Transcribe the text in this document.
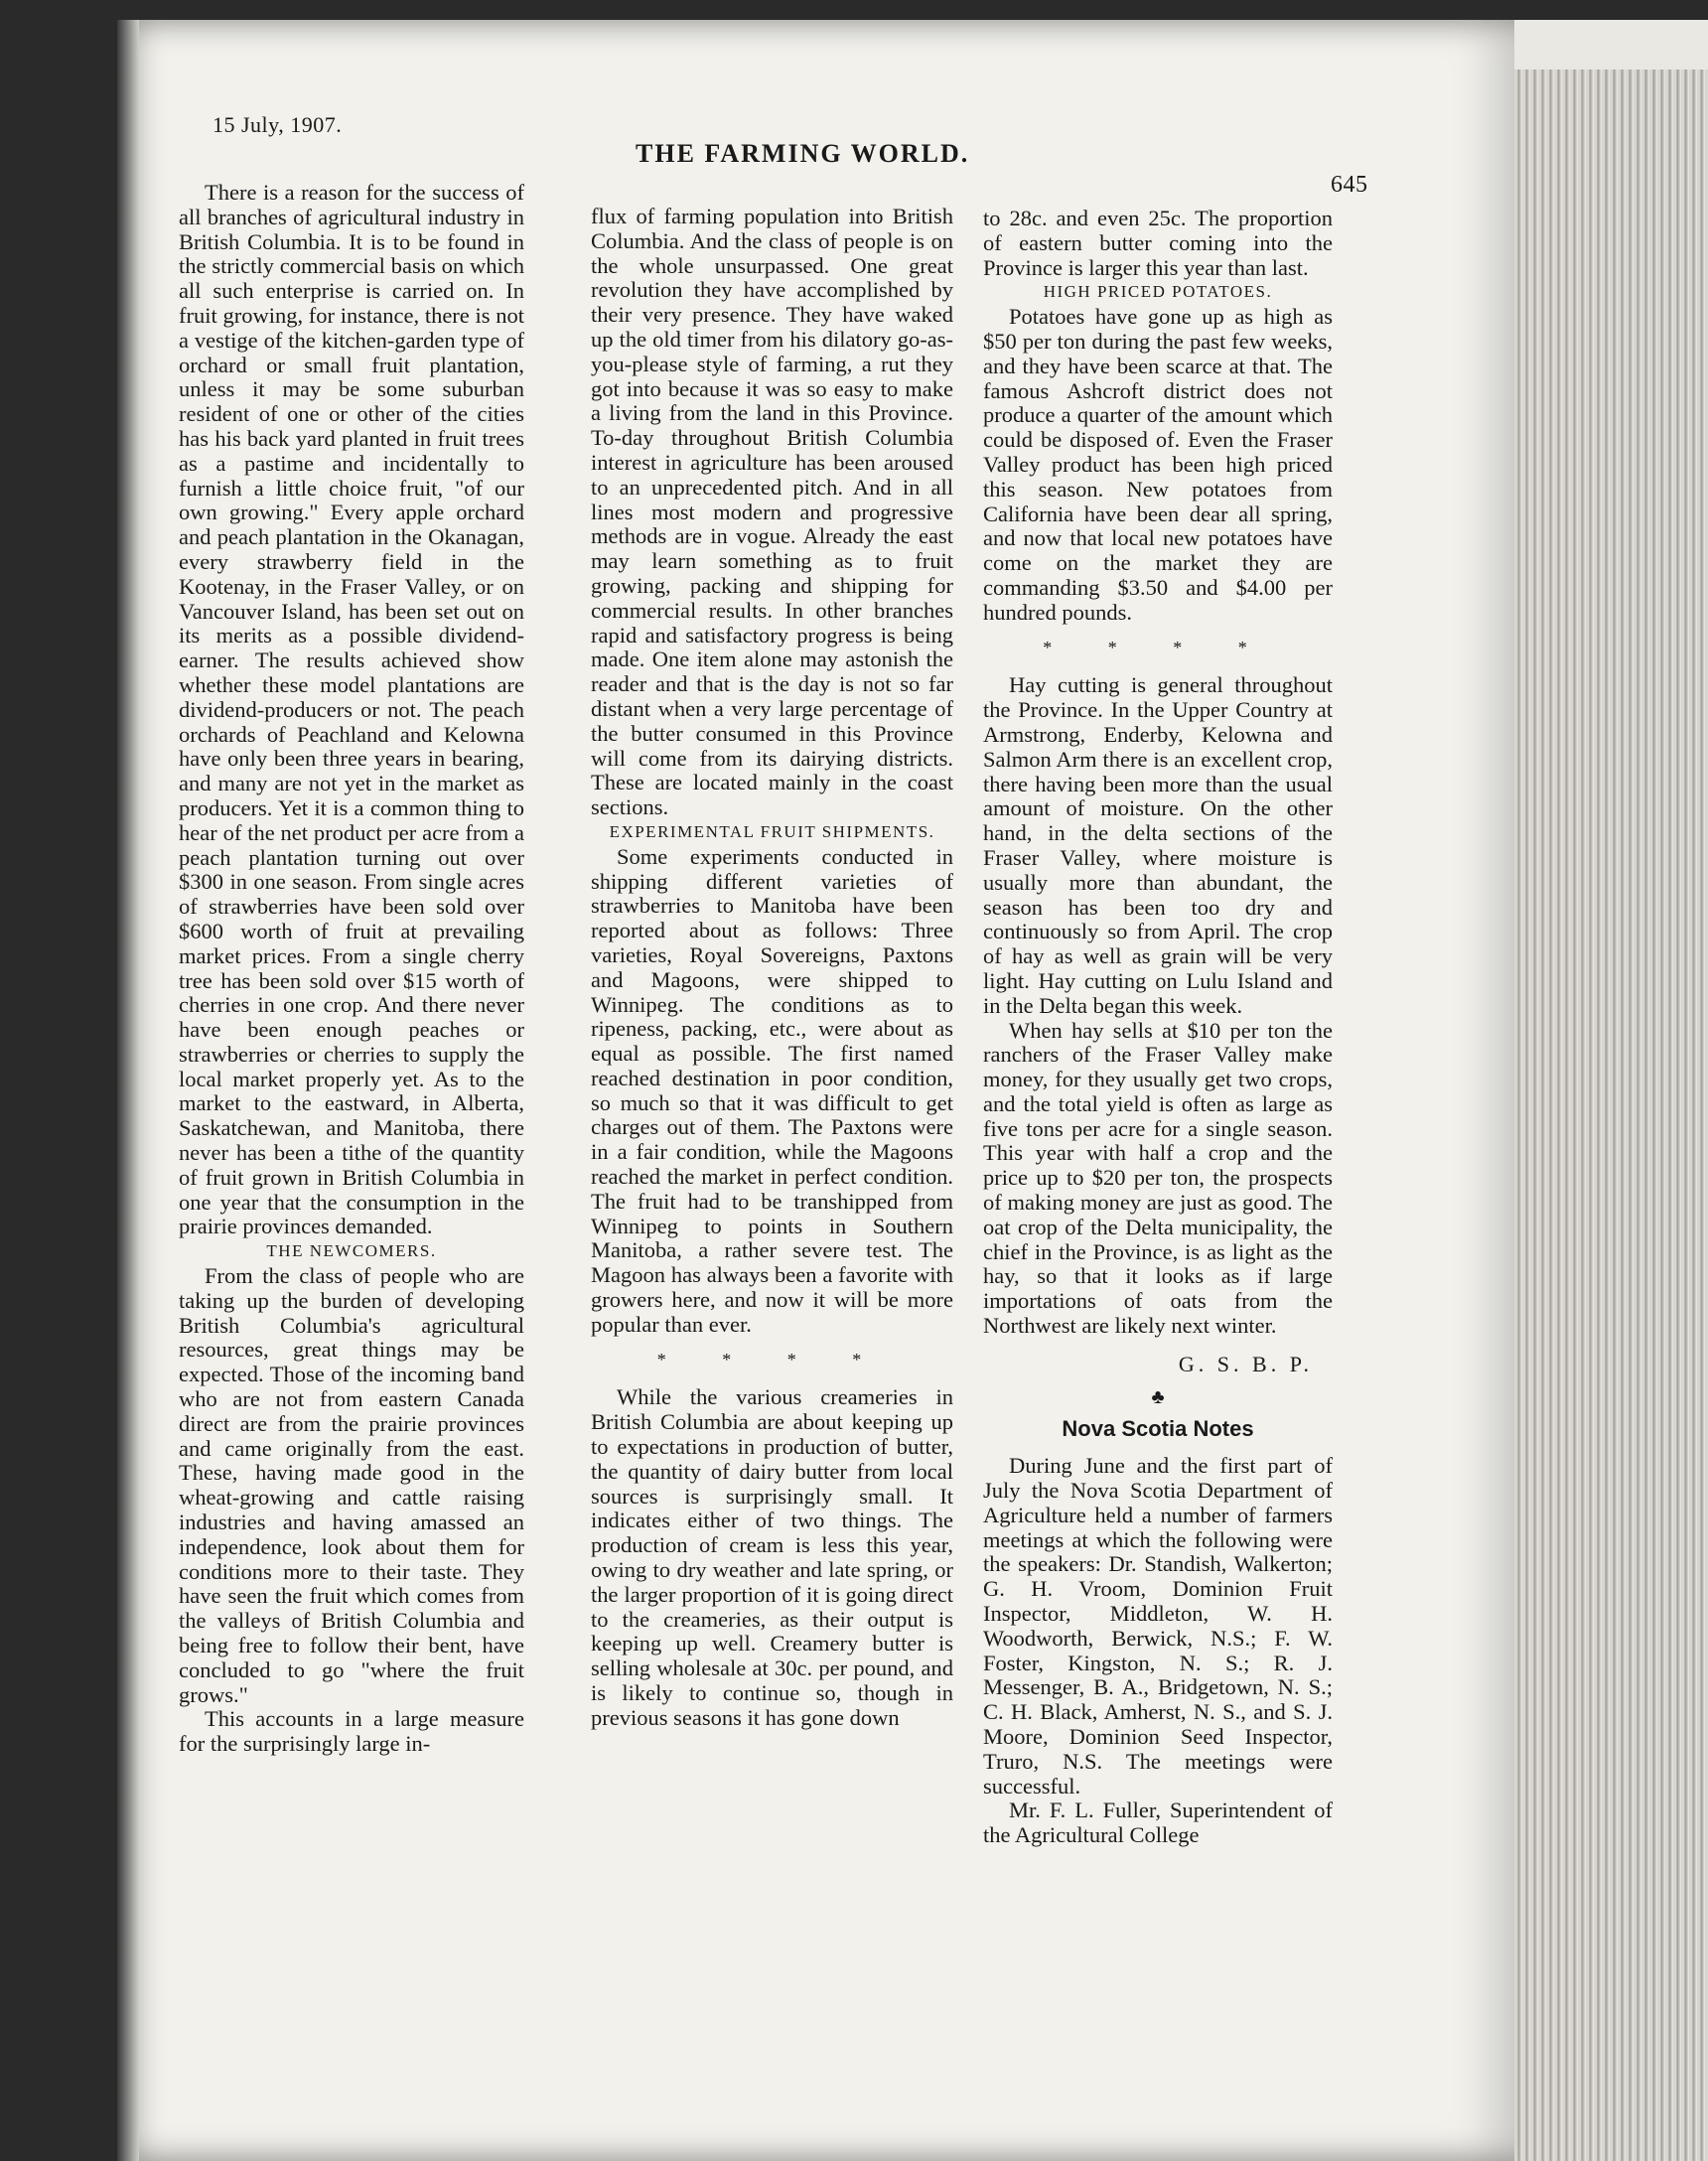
15 July, 1907.
THE FARMING WORLD.
645

There is a reason for the success of all branches of agricultural industry in British Columbia. It is to be found in the strictly commercial basis on which all such enterprise is carried on. In fruit growing, for instance, there is not a vestige of the kitchen-garden type of orchard or small fruit plantation, unless it may be some suburban resident of one or other of the cities has his back yard planted in fruit trees as a pastime and incidentally to furnish a little choice fruit, "of our own growing." Every apple orchard and peach plantation in the Okanagan, every strawberry field in the Kootenay, in the Fraser Valley, or on Vancouver Island, has been set out on its merits as a possible dividend-earner. The results achieved show whether these model plantations are dividend-producers or not. The peach orchards of Peachland and Kelowna have only been three years in bearing, and many are not yet in the market as producers. Yet it is a common thing to hear of the net product per acre from a peach plantation turning out over $300 in one season. From single acres of strawberries have been sold over $600 worth of fruit at prevailing market prices. From a single cherry tree has been sold over $15 worth of cherries in one crop. And there never have been enough peaches or strawberries or cherries to supply the local market properly yet. As to the market to the eastward, in Alberta, Saskatchewan, and Manitoba, there never has been a tithe of the quantity of fruit grown in British Columbia in one year that the consumption in the prairie provinces demanded.

THE NEWCOMERS.

From the class of people who are taking up the burden of developing British Columbia's agricultural resources, great things may be expected. Those of the incoming band who are not from eastern Canada direct are from the prairie provinces and came originally from the east. These, having made good in the wheat-growing and cattle raising industries and having amassed an independence, look about them for conditions more to their taste. They have seen the fruit which comes from the valleys of British Columbia and being free to follow their bent, have concluded to go "where the fruit grows."

This accounts in a large measure for the surprisingly large in-

flux of farming population into British Columbia. And the class of people is on the whole unsurpassed. One great revolution they have accomplished by their very presence. They have waked up the old timer from his dilatory go-as-you-please style of farming, a rut they got into because it was so easy to make a living from the land in this Province. To-day throughout British Columbia interest in agriculture has been aroused to an unprecedented pitch. And in all lines most modern and progressive methods are in vogue. Already the east may learn something as to fruit growing, packing and shipping for commercial results. In other branches rapid and satisfactory progress is being made. One item alone may astonish the reader and that is the day is not so far distant when a very large percentage of the butter consumed in this Province will come from its dairying districts. These are located mainly in the coast sections.

EXPERIMENTAL FRUIT SHIPMENTS.

Some experiments conducted in shipping different varieties of strawberries to Manitoba have been reported about as follows: Three varieties, Royal Sovereigns, Paxtons and Magoons, were shipped to Winnipeg. The conditions as to ripeness, packing, etc., were about as equal as possible. The first named reached destination in poor condition, so much so that it was difficult to get charges out of them. The Paxtons were in a fair condition, while the Magoons reached the market in perfect condition. The fruit had to be transhipped from Winnipeg to points in Southern Manitoba, a rather severe test. The Magoon has always been a favorite with growers here, and now it will be more popular than ever.

* * * *

While the various creameries in British Columbia are about keeping up to expectations in production of butter, the quantity of dairy butter from local sources is surprisingly small. It indicates either of two things. The production of cream is less this year, owing to dry weather and late spring, or the larger proportion of it is going direct to the creameries, as their output is keeping up well. Creamery butter is selling wholesale at 30c. per pound, and is likely to continue so, though in previous seasons it has gone down

to 28c. and even 25c. The proportion of eastern butter coming into the Province is larger this year than last.

HIGH PRICED POTATOES.

Potatoes have gone up as high as $50 per ton during the past few weeks, and they have been scarce at that. The famous Ashcroft district does not produce a quarter of the amount which could be disposed of. Even the Fraser Valley product has been high priced this season. New potatoes from California have been dear all spring, and now that local new potatoes have come on the market they are commanding $3.50 and $4.00 per hundred pounds.

* * * *

Hay cutting is general throughout the Province. In the Upper Country at Armstrong, Enderby, Kelowna and Salmon Arm there is an excellent crop, there having been more than the usual amount of moisture. On the other hand, in the delta sections of the Fraser Valley, where moisture is usually more than abundant, the season has been too dry and continuously so from April. The crop of hay as well as grain will be very light. Hay cutting on Lulu Island and in the Delta began this week.

When hay sells at $10 per ton the ranchers of the Fraser Valley make money, for they usually get two crops, and the total yield is often as large as five tons per acre for a single season. This year with half a crop and the price up to $20 per ton, the prospects of making money are just as good. The oat crop of the Delta municipality, the chief in the Province, is as light as the hay, so that it looks as if large importations of oats from the Northwest are likely next winter.

G. S. B. P.
♣
Nova Scotia Notes

During June and the first part of July the Nova Scotia Department of Agriculture held a number of farmers meetings at which the following were the speakers: Dr. Standish, Walkerton; G. H. Vroom, Dominion Fruit Inspector, Middleton, W. H. Woodworth, Berwick, N.S.; F. W. Foster, Kingston, N. S.; R. J. Messenger, B. A., Bridgetown, N. S.; C. H. Black, Amherst, N. S., and S. J. Moore, Dominion Seed Inspector, Truro, N.S. The meetings were successful.

Mr. F. L. Fuller, Superintendent of the Agricultural College
